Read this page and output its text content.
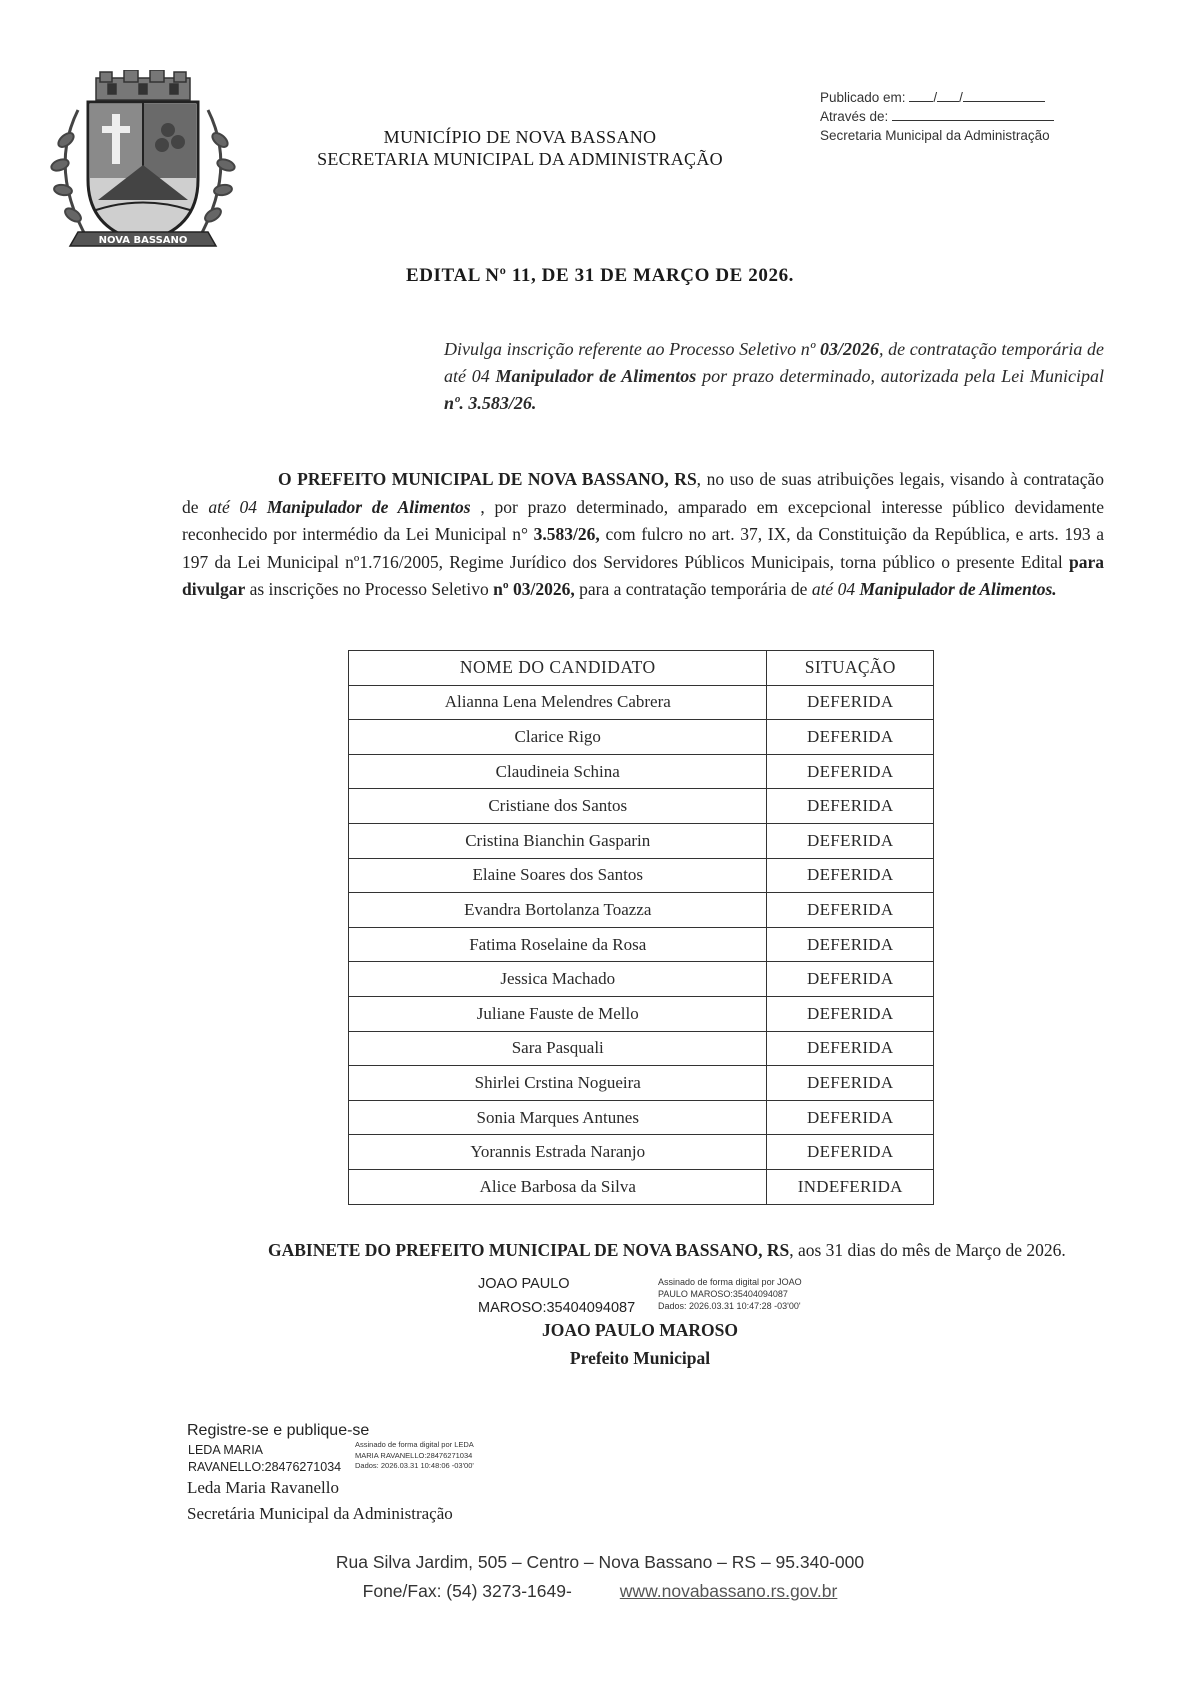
NOVA BASSANO
MUNICÍPIO DE NOVA BASSANO
SECRETARIA MUNICIPAL DA ADMINISTRAÇÃO
Publicado em: / /
Através de:
Secretaria Municipal da Administração
EDITAL Nº 11, DE 31 DE MARÇO DE 2026.
Divulga inscrição referente ao Processo Seletivo nº 03/2026, de contratação temporária de até 04 Manipulador de Alimentos por prazo determinado, autorizada pela Lei Municipal nº. 3.583/26.
O PREFEITO MUNICIPAL DE NOVA BASSANO, RS, no uso de suas atribuições legais, visando à contratação de até 04 Manipulador de Alimentos , por prazo determinado, amparado em excepcional interesse público devidamente reconhecido por intermédio da Lei Municipal n° 3.583/26, com fulcro no art. 37, IX, da Constituição da República, e arts. 193 a 197 da Lei Municipal nº1.716/2005, Regime Jurídico dos Servidores Públicos Municipais, torna público o presente Edital para divulgar as inscrições no Processo Seletivo nº 03/2026, para a contratação temporária de até 04 Manipulador de Alimentos.
NOME DO CANDIDATO	SITUAÇÃO
Alianna Lena Melendres Cabrera	DEFERIDA
Clarice Rigo	DEFERIDA
Claudineia Schina	DEFERIDA
Cristiane dos Santos	DEFERIDA
Cristina Bianchin Gasparin	DEFERIDA
Elaine Soares dos Santos	DEFERIDA
Evandra Bortolanza Toazza	DEFERIDA
Fatima Roselaine da Rosa	DEFERIDA
Jessica Machado	DEFERIDA
Juliane Fauste de Mello	DEFERIDA
Sara Pasquali	DEFERIDA
Shirlei Crstina Nogueira	DEFERIDA
Sonia Marques Antunes	DEFERIDA
Yorannis Estrada Naranjo	DEFERIDA
Alice Barbosa da Silva	INDEFERIDA
GABINETE DO PREFEITO MUNICIPAL DE NOVA BASSANO, RS, aos 31 dias do mês de Março de 2026.
JOAO PAULO
MAROSO:35404094087
Assinado de forma digital por JOAO
PAULO MAROSO:35404094087
Dados: 2026.03.31 10:47:28 -03'00'
JOAO PAULO MAROSO
Prefeito Municipal
Registre-se e publique-se
LEDA MARIA
RAVANELLO:28476271034
Assinado de forma digital por LEDA
MARIA RAVANELLO:28476271034
Dados: 2026.03.31 10:48:06 -03'00'
Leda Maria Ravanello
Secretária Municipal da Administração
Rua Silva Jardim, 505 – Centro – Nova Bassano – RS – 95.340-000
Fone/Fax: (54) 3273-1649-	www.novabassano.rs.gov.br
